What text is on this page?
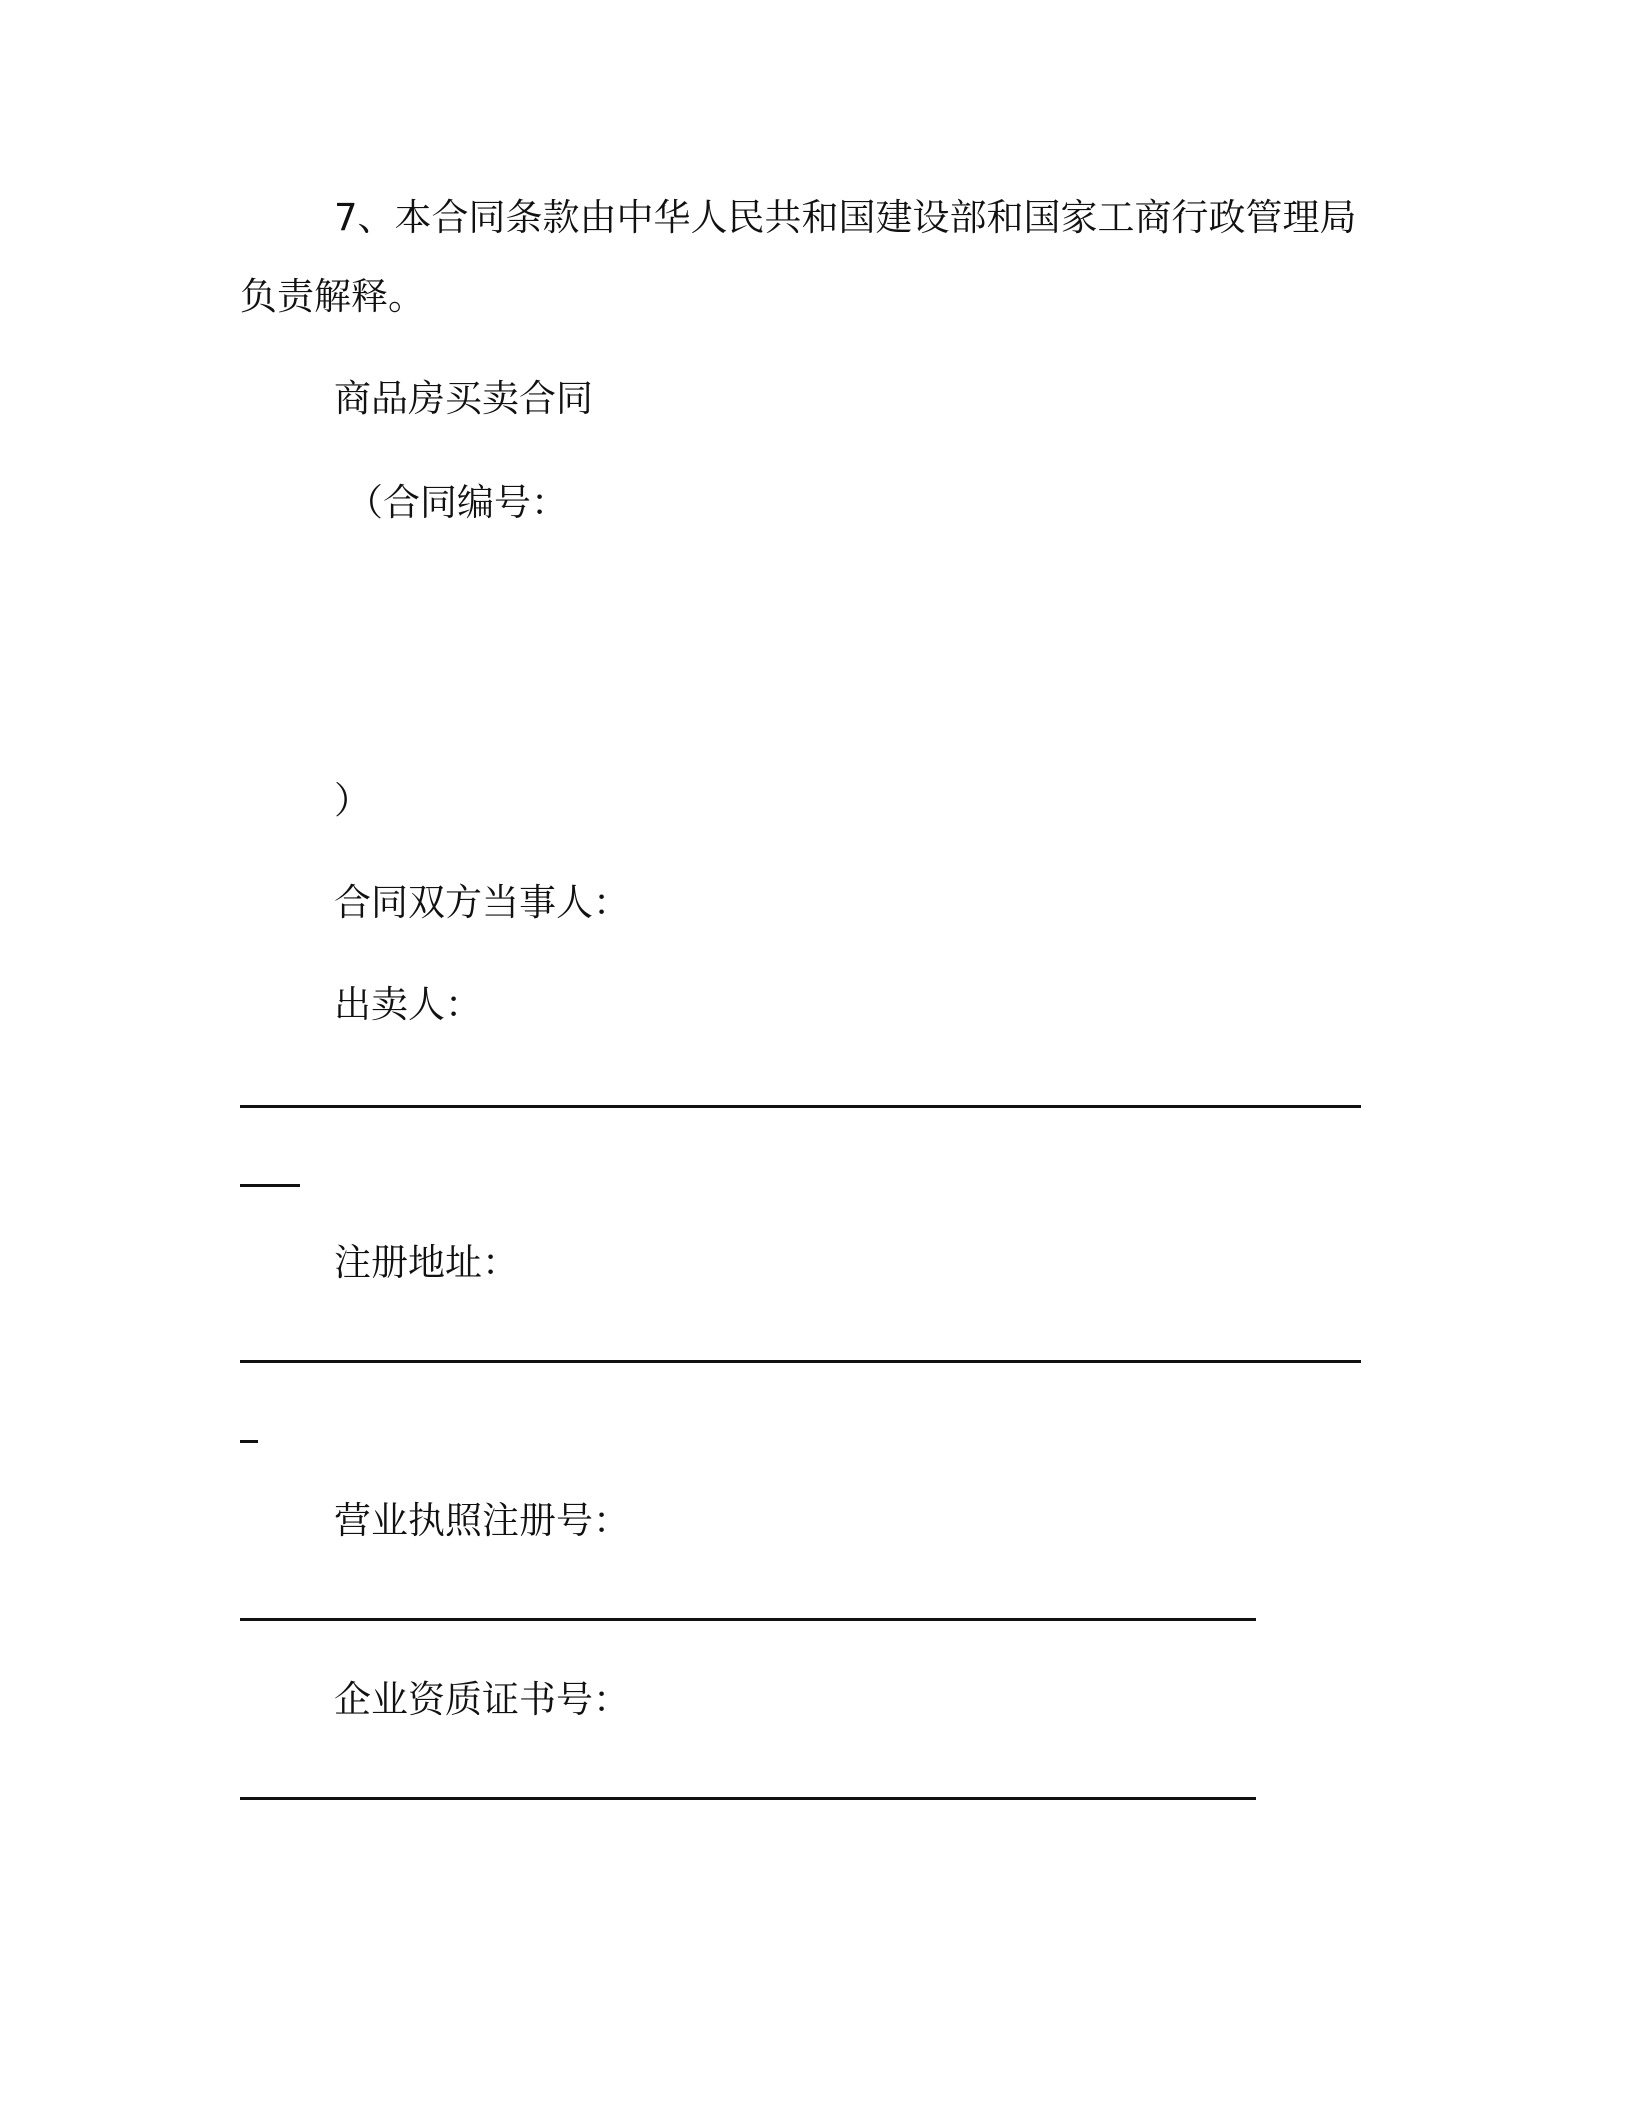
7、本合同条款由中华人民共和国建设部和国家工商行政管理局

负责解释。

商品房买卖合同

（合同编号：

）

合同双方当事人：

出卖人：

注册地址：

营业执照注册号：

企业资质证书号：
